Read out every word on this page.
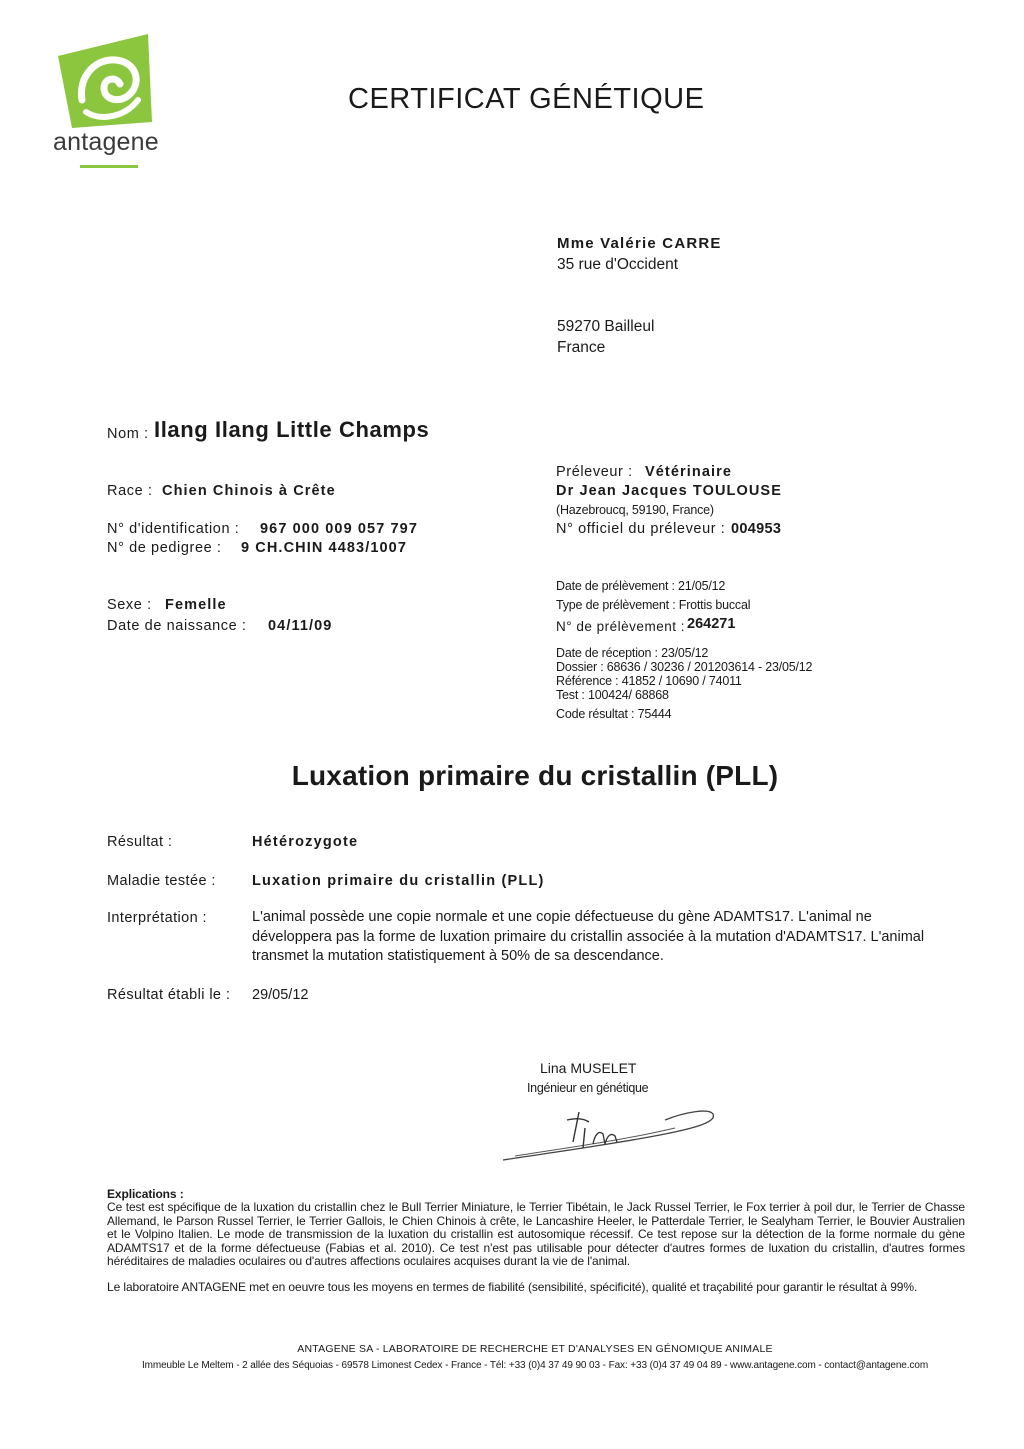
antagene
CERTIFICAT GÉNÉTIQUE
Mme Valérie CARRE
35 rue d'Occident
59270 Bailleul
France
Nom : Ilang Ilang Little Champs
Race : Chien Chinois à Crête
N° d'identification : 967 000 009 057 797
N° de pedigree : 9 CH.CHIN 4483/1007
Sexe : Femelle
Date de naissance : 04/11/09
Préleveur : Vétérinaire
Dr Jean Jacques TOULOUSE
(Hazebroucq, 59190, France)
N° officiel du préleveur : 004953
Date de prélèvement : 21/05/12
Type de prélèvement : Frottis buccal
N° de prélèvement : 264271
Date de réception : 23/05/12
Dossier : 68636 / 30236 / 201203614 - 23/05/12
Référence : 41852 / 10690 / 74011
Test : 100424/ 68868
Code résultat : 75444
Luxation primaire du cristallin (PLL)
Résultat :	Hétérozygote
Maladie testée : Luxation primaire du cristallin (PLL)
Interprétation :	L'animal possède une copie normale et une copie défectueuse du gène ADAMTS17. L'animal ne développera pas la forme de luxation primaire du cristallin associée à la mutation d'ADAMTS17. L'animal transmet la mutation statistiquement à 50% de sa descendance.
Résultat établi le : 29/05/12
Lina MUSELET
Ingénieur en génétique

Explications :
Ce test est spécifique de la luxation du cristallin chez le Bull Terrier Miniature, le Terrier Tibétain, le Jack Russel Terrier, le Fox terrier à poil dur, le Terrier de Chasse Allemand, le Parson Russel Terrier, le Terrier Gallois, le Chien Chinois à crête, le Lancashire Heeler, le Patterdale Terrier, le Sealyham Terrier, le Bouvier Australien et le Volpino Italien. Le mode de transmission de la luxation du cristallin est autosomique récessif. Ce test repose sur la détection de la forme normale du gène ADAMTS17 et de la forme défectueuse (Fabias et al. 2010). Ce test n'est pas utilisable pour détecter d'autres formes de luxation du cristallin, d'autres formes héréditaires de maladies oculaires ou d'autres affections oculaires acquises durant la vie de l'animal.

Le laboratoire ANTAGENE met en oeuvre tous les moyens en termes de fiabilité (sensibilité, spécificité), qualité et traçabilité pour garantir le résultat à 99%.

ANTAGENE SA - LABORATOIRE DE RECHERCHE ET D'ANALYSES EN GÉNOMIQUE ANIMALE
Immeuble Le Meltem - 2 allée des Séquoias - 69578 Limonest Cedex - France - Tél: +33 (0)4 37 49 90 03 - Fax: +33 (0)4 37 49 04 89 - www.antagene.com - contact@antagene.com
